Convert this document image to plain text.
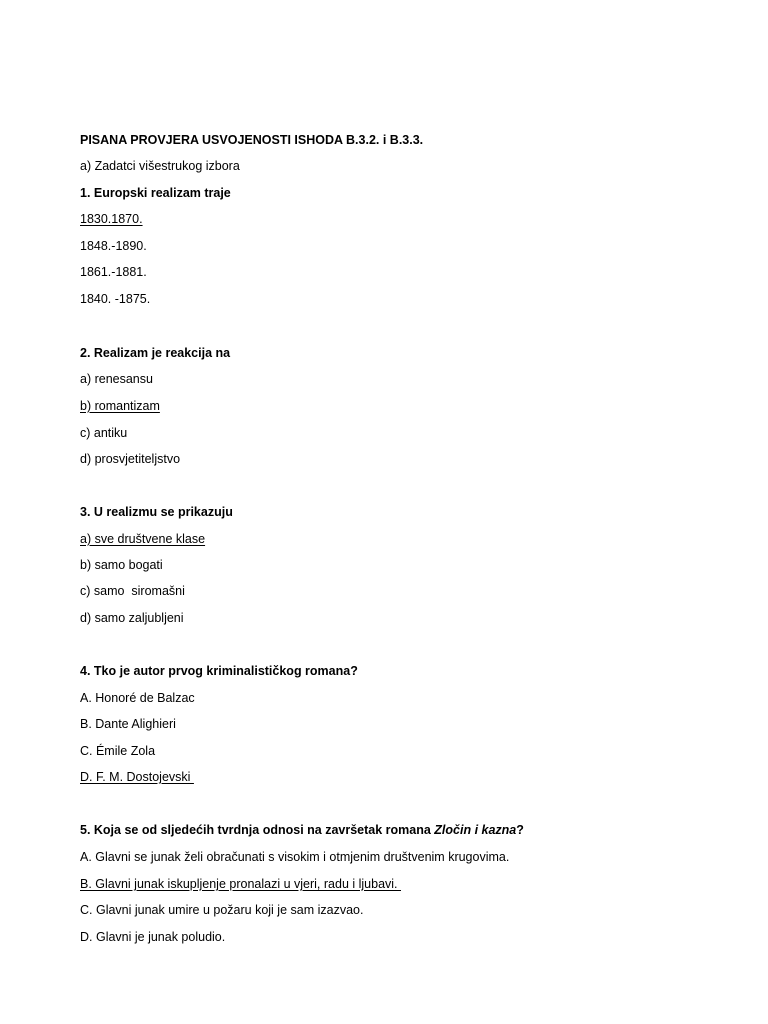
PISANA PROVJERA USVOJENOSTI ISHODA B.3.2. i B.3.3.
a) Zadatci višestrukog izbora
1. Europski realizam traje
1830.1870.
1848.-1890.
1861.-1881.
1840. -1875.
2. Realizam je reakcija na
a) renesansu
b) romantizam
c) antiku
d) prosvjetiteljstvo
3. U realizmu se prikazuju
a) sve društvene klase
b) samo bogati
c) samo  siromašni
d) samo zaljubljeni
4. Tko je autor prvog kriminalističkog romana?
A. Honoré de Balzac
B. Dante Alighieri
C. Émile Zola
D. F. M. Dostojevski
5. Koja se od sljedećih tvrdnja odnosi na završetak romana Zločin i kazna?
A. Glavni se junak želi obračunati s visokim i otmjenim društvenim krugovima.
B. Glavni junak iskupljenje pronalazi u vjeri, radu i ljubavi.
C. Glavni junak umire u požaru koji je sam izazvao.
D. Glavni je junak poludio.
